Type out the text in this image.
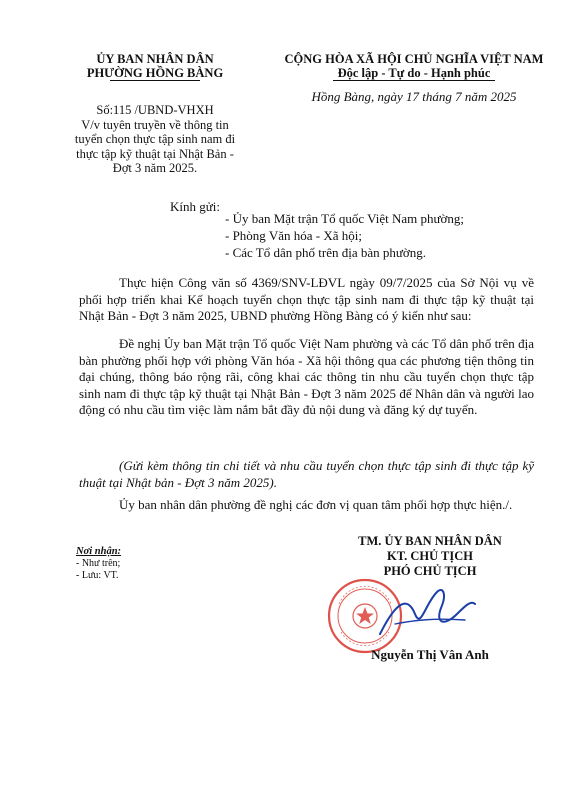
ỦY BAN NHÂN DÂN
PHƯỜNG HỒNG BÀNG
Số:115 /UBND-VHXH
V/v tuyên truyền về thông tin
tuyển chọn thực tập sinh nam đi
thực tập kỹ thuật tại Nhật Bản -
Đợt 3 năm 2025.
CỘNG HÒA XÃ HỘI CHỦ NGHĨA VIỆT NAM
Độc lập - Tự do - Hạnh phúc
Hồng Bàng, ngày 17 tháng 7 năm 2025
Kính gửi:
- Ủy ban Mặt trận Tổ quốc Việt Nam phường;
- Phòng Văn hóa - Xã hội;
- Các Tổ dân phố trên địa bàn phường.
Thực hiện Công văn số 4369/SNV-LĐVL ngày 09/7/2025 của Sở Nội vụ về phối hợp triển khai Kế hoạch tuyển chọn thực tập sinh nam đi thực tập kỹ thuật tại Nhật Bản - Đợt 3 năm 2025, UBND phường Hồng Bàng có ý kiến như sau:
Đề nghị Ủy ban Mặt trận Tổ quốc Việt Nam phường và các Tổ dân phố trên địa bàn phường phối hợp với phòng Văn hóa - Xã hội thông qua các phương tiện thông tin đại chúng, thông báo rộng rãi, công khai các thông tin nhu cầu tuyển chọn thực tập sinh nam đi thực tập kỹ thuật tại Nhật Bản - Đợt 3 năm 2025 để Nhân dân và người lao động có nhu cầu tìm việc làm nắm bắt đầy đủ nội dung và đăng ký dự tuyển.
(Gửi kèm thông tin chi tiết và nhu cầu tuyển chọn thực tập sinh đi thực tập kỹ thuật tại Nhật bản - Đợt 3 năm 2025).
Ủy ban nhân dân phường đề nghị các đơn vị quan tâm phối hợp thực hiện./.
Nơi nhận:
- Như trên;
- Lưu: VT.
TM. ỦY BAN NHÂN DÂN
KT. CHỦ TỊCH
PHÓ CHỦ TỊCH
Nguyễn Thị Vân Anh
